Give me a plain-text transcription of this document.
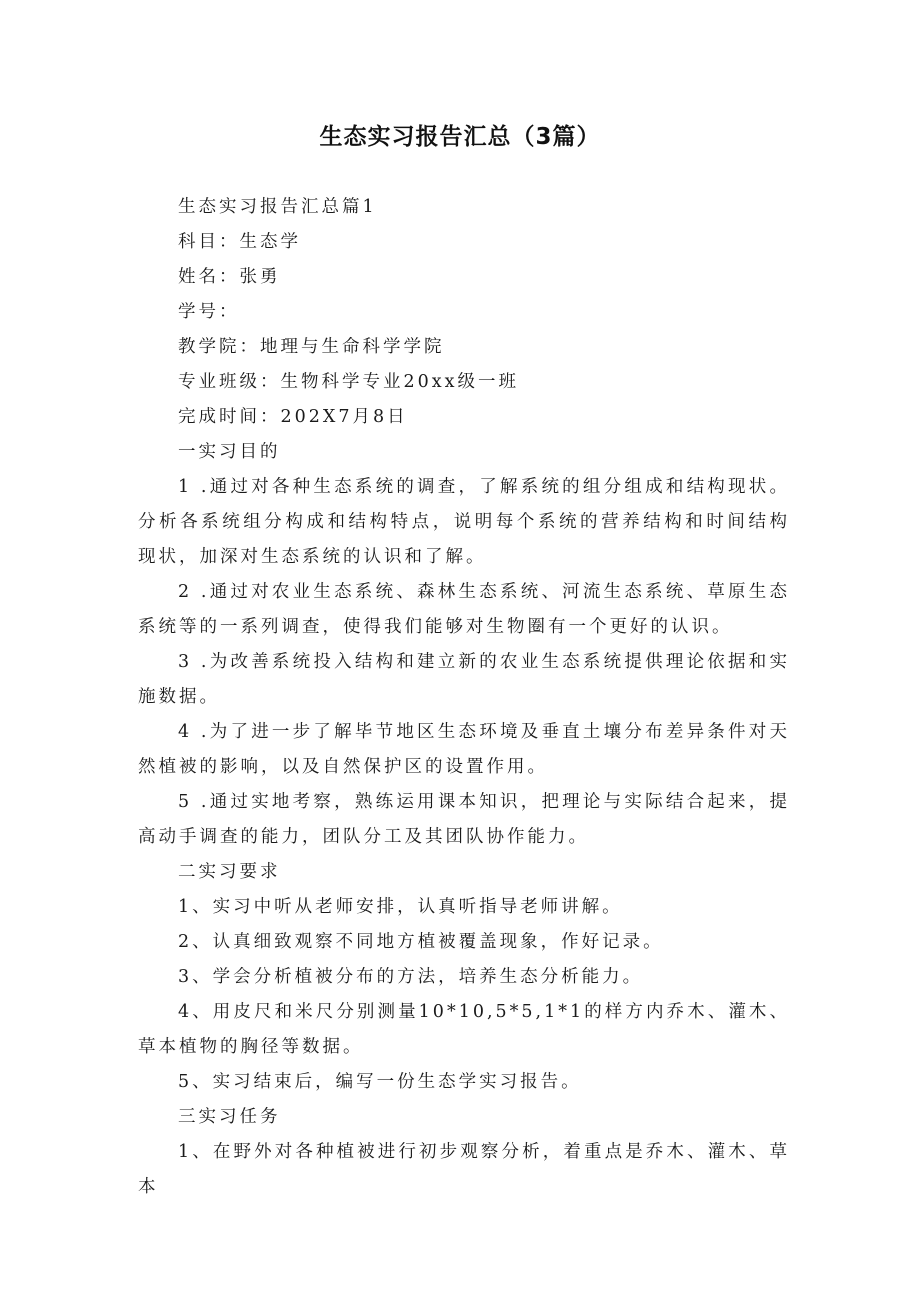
生态实习报告汇总（3篇）

生态实习报告汇总篇1

科目：生态学

姓名：张勇

学号：

教学院：地理与生命科学学院

专业班级：生物科学专业20xx级一班

完成时间：202X7月8日

一实习目的

1 .通过对各种生态系统的调查，了解系统的组分组成和结构现状。分析各系统组分构成和结构特点，说明每个系统的营养结构和时间结构现状，加深对生态系统的认识和了解。

2 .通过对农业生态系统、森林生态系统、河流生态系统、草原生态系统等的一系列调查，使得我们能够对生物圈有一个更好的认识。

3 .为改善系统投入结构和建立新的农业生态系统提供理论依据和实施数据。

4 .为了进一步了解毕节地区生态环境及垂直土壤分布差异条件对天然植被的影响，以及自然保护区的设置作用。

5 .通过实地考察，熟练运用课本知识，把理论与实际结合起来，提高动手调查的能力，团队分工及其团队协作能力。

二实习要求

1、实习中听从老师安排，认真听指导老师讲解。

2、认真细致观察不同地方植被覆盖现象，作好记录。

3、学会分析植被分布的方法，培养生态分析能力。

4、用皮尺和米尺分别测量10*10,5*5,1*1的样方内乔木、灌木、草本植物的胸径等数据。

5、实习结束后，编写一份生态学实习报告。

三实习任务

1、在野外对各种植被进行初步观察分析，着重点是乔木、灌木、草本
